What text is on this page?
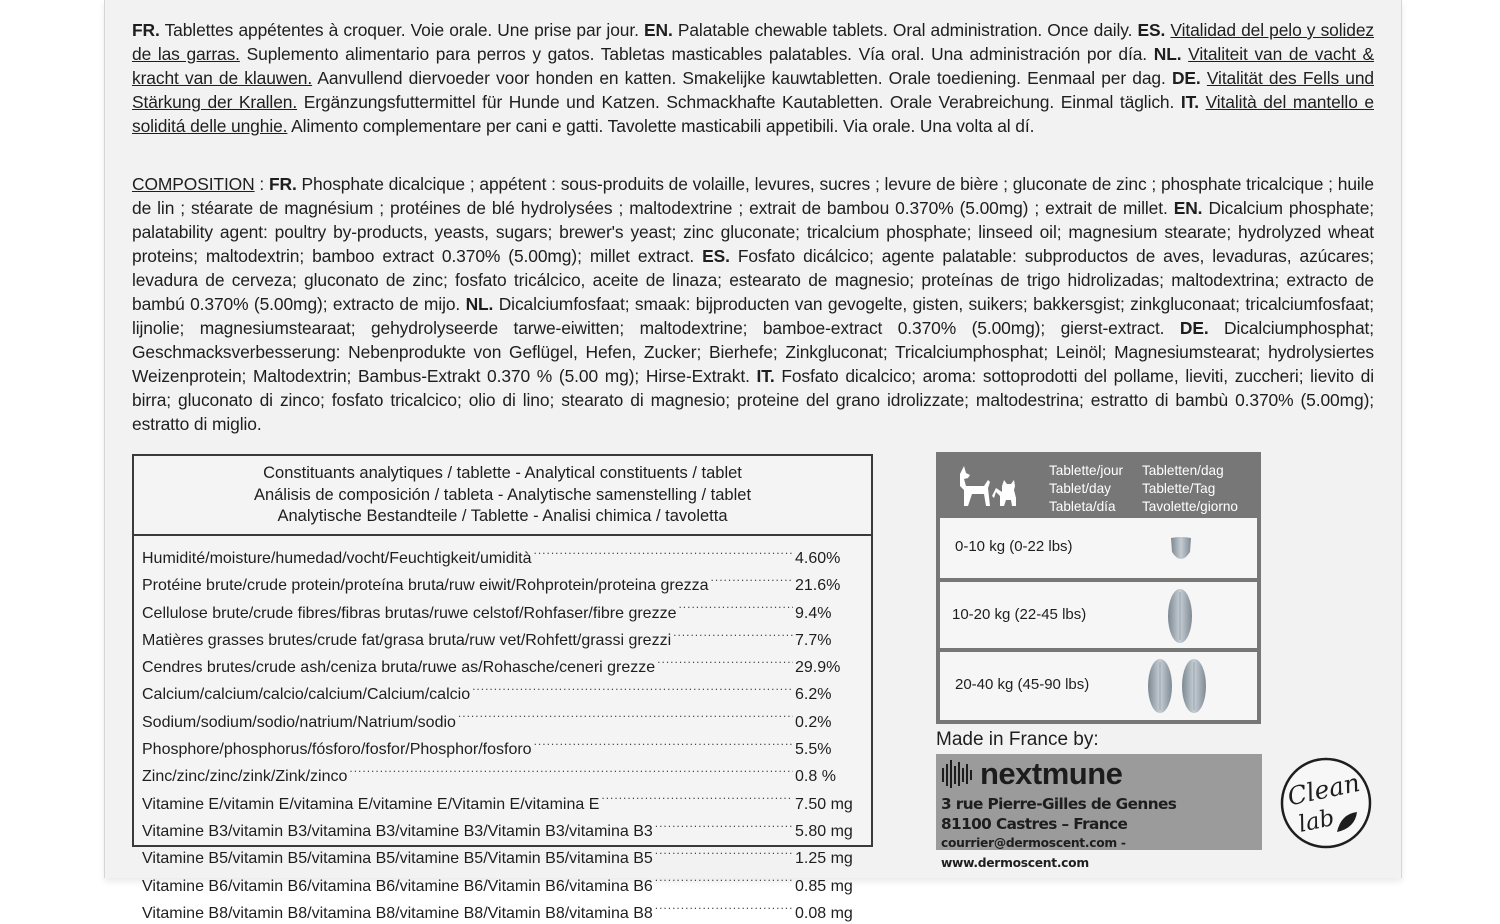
FR. Tablettes appétentes à croquer. Voie orale. Une prise par jour. EN. Palatable chewable tablets. Oral administration. Once daily. ES. Vitalidad del pelo y solidez de las garras. Suplemento alimentario para perros y gatos. Tabletas masticables palatables. Vía oral. Una administración por día. NL. Vitaliteit van de vacht & kracht van de klauwen. Aanvullend diervoeder voor honden en katten. Smakelijke kauwtabletten. Orale toediening. Eenmaal per dag. DE. Vitalität des Fells und Stärkung der Krallen. Ergänzungsfuttermittel für Hunde und Katzen. Schmackhafte Kautabletten. Orale Verabreichung. Einmal täglich. IT. Vitalità del mantello e soliditá delle unghie. Alimento complementare per cani e gatti. Tavolette masticabili appetibili. Via orale. Una volta al dí.
COMPOSITION : FR. Phosphate dicalcique ; appétent : sous-produits de volaille, levures, sucres ; levure de bière ; gluconate de zinc ; phosphate tricalcique ; huile de lin ; stéarate de magnésium ; protéines de blé hydrolysées ; maltodextrine ; extrait de bambou 0.370% (5.00mg) ; extrait de millet. EN. Dicalcium phosphate; palatability agent: poultry by-products, yeasts, sugars; brewer's yeast; zinc gluconate; tricalcium phosphate; linseed oil; magnesium stearate; hydrolyzed wheat proteins; maltodextrin; bamboo extract 0.370% (5.00mg); millet extract. ES. Fosfato dicálcico; agente palatable: subproductos de aves, levaduras, azúcares; levadura de cerveza; gluconato de zinc; fosfato tricálcico, aceite de linaza; estearato de magnesio; proteínas de trigo hidrolizadas; maltodextrina; extracto de bambú 0.370% (5.00mg); extracto de mijo. NL. Dicalciumfosfaat; smaak: bijproducten van gevogelte, gisten, suikers; bakkersgist; zinkgluconaat; tricalciumfosfaat; lijnolie; magnesiumstearaat; gehydrolyseerde tarwe-eiwitten; maltodextrine; bamboe-extract 0.370% (5.00mg); gierst-extract. DE. Dicalciumphosphat; Geschmacksverbesserung: Nebenprodukte von Geflügel, Hefen, Zucker; Bierhefe; Zinkgluconat; Tricalciumphosphat; Leinöl; Magnesiumstearat; hydrolysiertes Weizenprotein; Maltodextrin; Bambus-Extrakt 0.370 % (5.00 mg); Hirse-Extrakt. IT. Fosfato dicalcico; aroma: sottoprodotti del pollame, lieviti, zuccheri; lievito di birra; gluconato di zinco; fosfato tricalcico; olio di lino; stearato di magnesio; proteine del grano idrolizzate; maltodestrina; estratto di bambù 0.370% (5.00mg); estratto di miglio.
Constituants analytiques / tablette - Analytical constituents / tablet
Análisis de composición / tableta - Analytische samenstelling / tablet
Analytische Bestandteile / Tablette - Analisi chimica / tavoletta
Humidité/moisture/humedad/vocht/Feuchtigkeit/umidità .....	4.60%
Protéine brute/crude protein/proteína bruta/ruw eiwit/Rohprotein/proteina grezza .....	21.6%
Cellulose brute/crude fibres/fibras brutas/ruwe celstof/Rohfaser/fibre grezze .....	9.4%
Matières grasses brutes/crude fat/grasa bruta/ruw vet/Rohfett/grassi grezzi .....	7.7%
Cendres brutes/crude ash/ceniza bruta/ruwe as/Rohasche/ceneri grezze .....	29.9%
Calcium/calcium/calcio/calcium/Calcium/calcio .....	6.2%
Sodium/sodium/sodio/natrium/Natrium/sodio .....	0.2%
Phosphore/phosphorus/fósforo/fosfor/Phosphor/fosforo .....	5.5%
Zinc/zinc/zinc/zink/Zink/zinco .....	0.8 %
Vitamine E/vitamin E/vitamina E/vitamine E/Vitamin E/vitamina E .....	7.50 mg
Vitamine B3/vitamin B3/vitamina B3/vitamine B3/Vitamin B3/vitamina B3 .....	5.80 mg
Vitamine B5/vitamin B5/vitamina B5/vitamine B5/Vitamin B5/vitamina B5 .....	1.25 mg
Vitamine B6/vitamin B6/vitamina B6/vitamine B6/Vitamin B6/vitamina B6 .....	0.85 mg
Vitamine B8/vitamin B8/vitamina B8/vitamine B8/Vitamin B8/vitamina B8 .....	0.08 mg
Tablette/jour
Tablet/day
Tableta/día
Tabletten/dag
Tablette/Tag
Tavolette/giorno
0-10 kg (0-22 lbs)
10-20 kg (22-45 lbs)
20-40 kg (45-90 lbs)
Made in France by:
nextmune
3 rue Pierre-Gilles de Gennes
81100 Castres – France
courrier@dermoscent.com - www.dermoscent.com
Clean
lab
